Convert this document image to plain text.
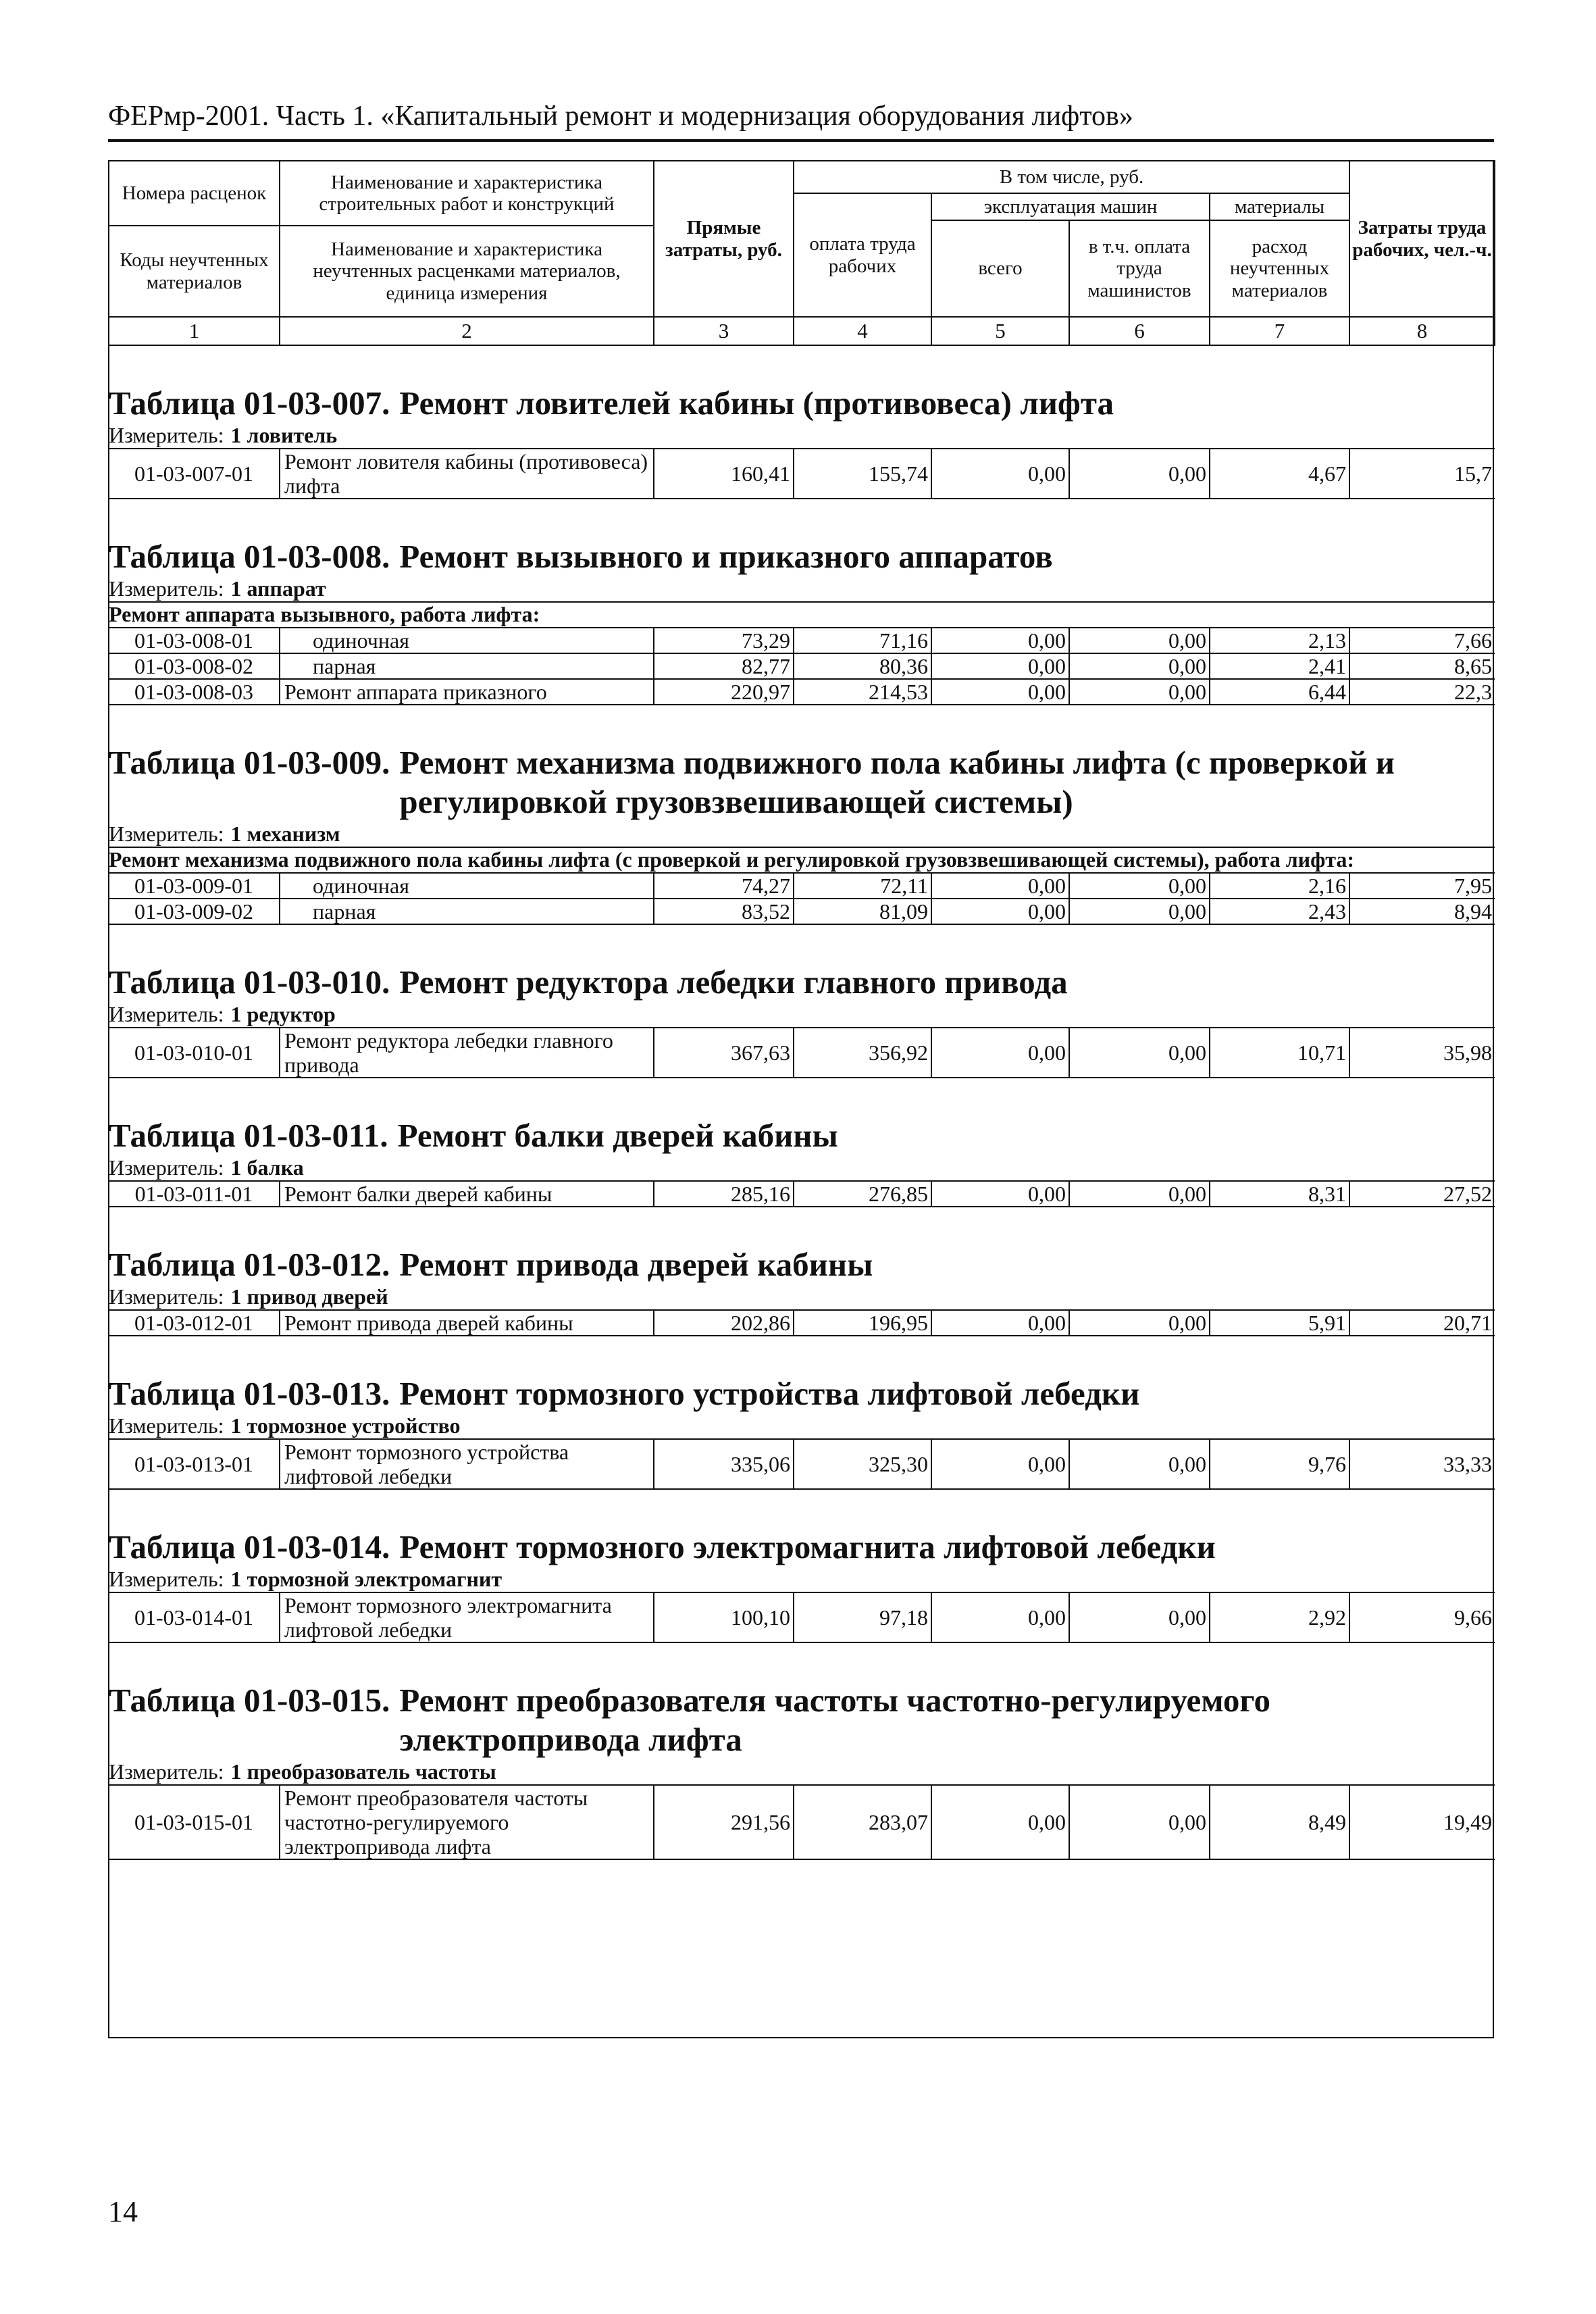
ФЕРмр-2001. Часть 1. «Капитальный ремонт и модернизация оборудования лифтов»
Номера расценок	Наименование и характеристика строительных работ и конструкций	Прямые затраты, руб.	В том числе, руб.				Затраты труда рабочих, чел.-ч.
			оплата труда рабочих	эксплуатация машин		материалы	
				всего	в т.ч. оплата труда машинистов	расход неучтенных материалов	
Коды неучтенных материалов	Наименование и характеристика неучтенных расценками материалов, единица измерения						

1	2	3	4	5	6	7	8

Таблица 01-03-007. Ремонт ловителей кабины (противовеса) лифта							

Измеритель: 1 ловитель							
01-03-007-01	Ремонт ловителя кабины (противовеса) лифта	160,41	155,74	0,00	0,00	4,67	15,7

Таблица 01-03-008. Ремонт вызывного и приказного аппаратов							

Измеритель: 1 аппарат							
Ремонт аппарата вызывного, работа лифта:							
01-03-008-01	одиночная	73,29	71,16	0,00	0,00	2,13	7,66
01-03-008-02	парная	82,77	80,36	0,00	0,00	2,41	8,65
01-03-008-03	Ремонт аппарата приказного	220,97	214,53	0,00	0,00	6,44	22,3

Таблица 01-03-009. Ремонт механизма подвижного пола кабины лифта (с проверкой и регулировкой грузовзвешивающей системы)							

Измеритель: 1 механизм							
Ремонт механизма подвижного пола кабины лифта (с проверкой и регулировкой грузовзвешивающей системы), работа лифта:							
01-03-009-01	одиночная	74,27	72,11	0,00	0,00	2,16	7,95
01-03-009-02	парная	83,52	81,09	0,00	0,00	2,43	8,94

Таблица 01-03-010. Ремонт редуктора лебедки главного привода							

Измеритель: 1 редуктор							
01-03-010-01	Ремонт редуктора лебедки главного привода	367,63	356,92	0,00	0,00	10,71	35,98

Таблица 01-03-011. Ремонт балки дверей кабины							

Измеритель: 1 балка							
01-03-011-01	Ремонт балки дверей кабины	285,16	276,85	0,00	0,00	8,31	27,52

Таблица 01-03-012. Ремонт привода дверей кабины							

Измеритель: 1 привод дверей							
01-03-012-01	Ремонт привода дверей кабины	202,86	196,95	0,00	0,00	5,91	20,71

Таблица 01-03-013. Ремонт тормозного устройства лифтовой лебедки							

Измеритель: 1 тормозное устройство							
01-03-013-01	Ремонт тормозного устройства лифтовой лебедки	335,06	325,30	0,00	0,00	9,76	33,33

Таблица 01-03-014. Ремонт тормозного электромагнита лифтовой лебедки							

Измеритель: 1 тормозной электромагнит							
01-03-014-01	Ремонт тормозного электромагнита лифтовой лебедки	100,10	97,18	0,00	0,00	2,92	9,66

Таблица 01-03-015. Ремонт преобразователя частоты частотно-регулируемого электропривода лифта							

Измеритель: 1 преобразователь частоты							
01-03-015-01	Ремонт преобразователя частоты частотно-регулируемого электропривода лифта	291,56	283,07	0,00	0,00	8,49	19,49
14
